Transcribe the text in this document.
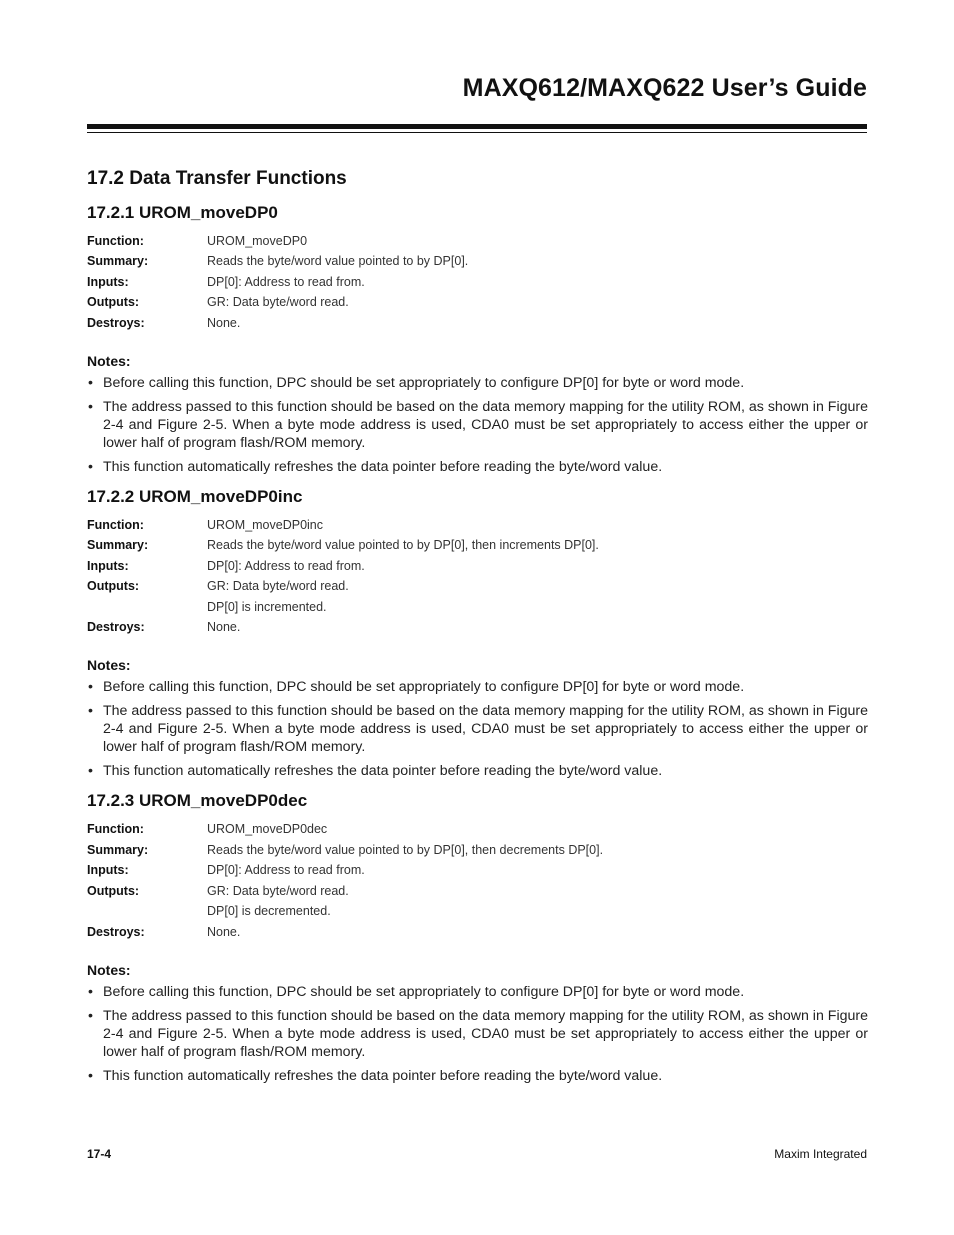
MAXQ612/MAXQ622 User’s Guide
17.2 Data Transfer Functions
17.2.1 UROM_moveDP0
Function:	UROM_moveDP0
Summary:	Reads the byte/word value pointed to by DP[0].
Inputs:	DP[0]: Address to read from.
Outputs:	GR: Data byte/word read.
Destroys:	None.
Notes:
• Before calling this function, DPC should be set appropriately to configure DP[0] for byte or word mode.
• The address passed to this function should be based on the data memory mapping for the utility ROM, as shown in Figure 2-4 and Figure 2-5. When a byte mode address is used, CDA0 must be set appropriately to access either the upper or lower half of program flash/ROM memory.
• This function automatically refreshes the data pointer before reading the byte/word value.
17.2.2 UROM_moveDP0inc
Function:	UROM_moveDP0inc
Summary:	Reads the byte/word value pointed to by DP[0], then increments DP[0].
Inputs:	DP[0]: Address to read from.
Outputs:	GR: Data byte/word read.
DP[0] is incremented.
Destroys:	None.
Notes:
• Before calling this function, DPC should be set appropriately to configure DP[0] for byte or word mode.
• The address passed to this function should be based on the data memory mapping for the utility ROM, as shown in Figure 2-4 and Figure 2-5. When a byte mode address is used, CDA0 must be set appropriately to access either the upper or lower half of program flash/ROM memory.
• This function automatically refreshes the data pointer before reading the byte/word value.
17.2.3 UROM_moveDP0dec
Function:	UROM_moveDP0dec
Summary:	Reads the byte/word value pointed to by DP[0], then decrements DP[0].
Inputs:	DP[0]: Address to read from.
Outputs:	GR: Data byte/word read.
DP[0] is decremented.
Destroys:	None.
Notes:
• Before calling this function, DPC should be set appropriately to configure DP[0] for byte or word mode.
• The address passed to this function should be based on the data memory mapping for the utility ROM, as shown in Figure 2-4 and Figure 2-5. When a byte mode address is used, CDA0 must be set appropriately to access either the upper or lower half of program flash/ROM memory.
• This function automatically refreshes the data pointer before reading the byte/word value.
17-4	Maxim Integrated
